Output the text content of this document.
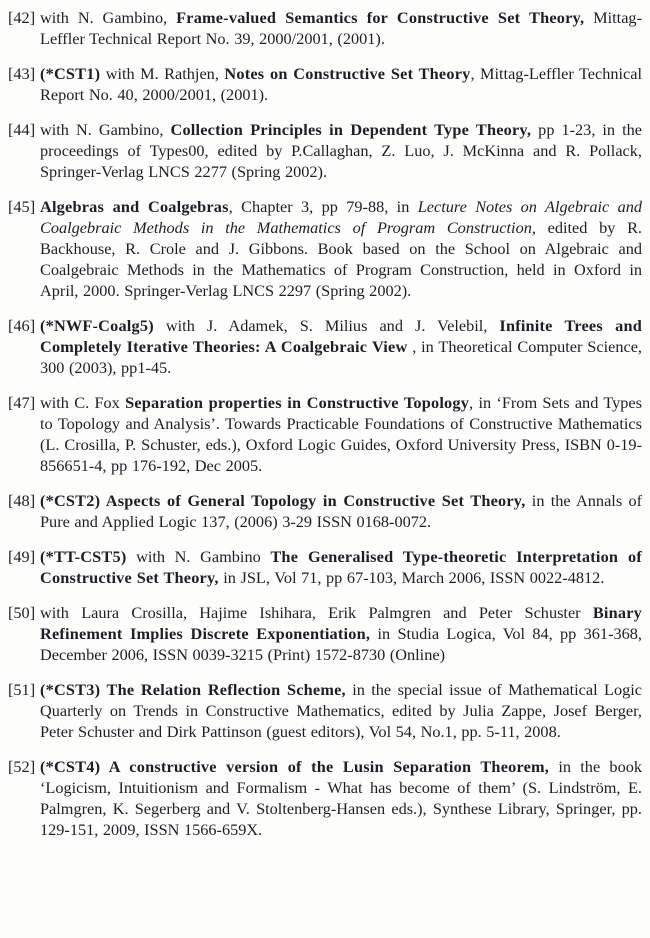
[42] with N. Gambino, Frame-valued Semantics for Constructive Set Theory, Mittag-Leffler Technical Report No. 39, 2000/2001, (2001).

[43] (*CST1) with M. Rathjen, Notes on Constructive Set Theory, Mittag-Leffler Technical Report No. 40, 2000/2001, (2001).

[44] with N. Gambino, Collection Principles in Dependent Type Theory, pp 1-23, in the proceedings of Types00, edited by P.Callaghan, Z. Luo, J. McKinna and R. Pollack, Springer-Verlag LNCS 2277 (Spring 2002).

[45] Algebras and Coalgebras, Chapter 3, pp 79-88, in Lecture Notes on Algebraic and Coalgebraic Methods in the Mathematics of Program Construction, edited by R. Backhouse, R. Crole and J. Gibbons. Book based on the School on Algebraic and Coalgebraic Methods in the Mathematics of Program Construction, held in Oxford in April, 2000. Springer-Verlag LNCS 2297 (Spring 2002).

[46] (*NWF-Coalg5) with J. Adamek, S. Milius and J. Velebil, Infinite Trees and Completely Iterative Theories: A Coalgebraic View , in Theoretical Computer Science, 300 (2003), pp1-45.

[47] with C. Fox Separation properties in Constructive Topology, in ‘From Sets and Types to Topology and Analysis’. Towards Practicable Foundations of Constructive Mathematics (L. Crosilla, P. Schuster, eds.), Oxford Logic Guides, Oxford University Press, ISBN 0-19-856651-4, pp 176-192, Dec 2005.

[48] (*CST2) Aspects of General Topology in Constructive Set Theory, in the Annals of Pure and Applied Logic 137, (2006) 3-29 ISSN 0168-0072.

[49] (*TT-CST5) with N. Gambino The Generalised Type-theoretic Interpretation of Constructive Set Theory, in JSL, Vol 71, pp 67-103, March 2006, ISSN 0022-4812.

[50] with Laura Crosilla, Hajime Ishihara, Erik Palmgren and Peter Schuster Binary Refinement Implies Discrete Exponentiation, in Studia Logica, Vol 84, pp 361-368, December 2006, ISSN 0039-3215 (Print) 1572-8730 (Online)

[51] (*CST3) The Relation Reflection Scheme, in the special issue of Mathematical Logic Quarterly on Trends in Constructive Mathematics, edited by Julia Zappe, Josef Berger, Peter Schuster and Dirk Pattinson (guest editors), Vol 54, No.1, pp. 5-11, 2008.

[52] (*CST4) A constructive version of the Lusin Separation Theorem, in the book ‘Logicism, Intuitionism and Formalism - What has become of them’ (S. Lindström, E. Palmgren, K. Segerberg and V. Stoltenberg-Hansen eds.), Synthese Library, Springer, pp. 129-151, 2009, ISSN 1566-659X.
